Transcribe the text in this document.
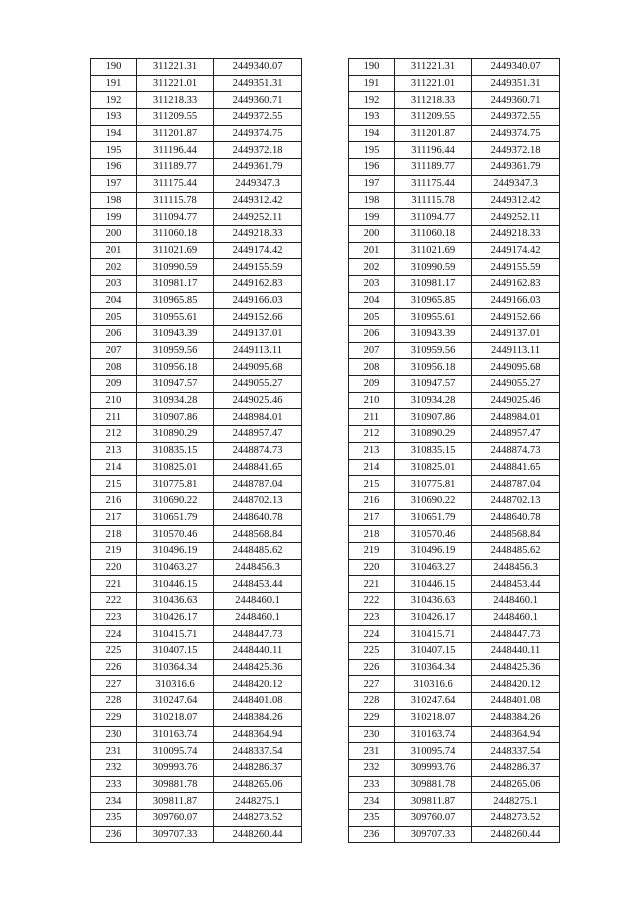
190	311221.31	2449340.07
191	311221.01	2449351.31
192	311218.33	2449360.71
193	311209.55	2449372.55
194	311201.87	2449374.75
195	311196.44	2449372.18
196	311189.77	2449361.79
197	311175.44	2449347.3
198	311115.78	2449312.42
199	311094.77	2449252.11
200	311060.18	2449218.33
201	311021.69	2449174.42
202	310990.59	2449155.59
203	310981.17	2449162.83
204	310965.85	2449166.03
205	310955.61	2449152.66
206	310943.39	2449137.01
207	310959.56	2449113.11
208	310956.18	2449095.68
209	310947.57	2449055.27
210	310934.28	2449025.46
211	310907.86	2448984.01
212	310890.29	2448957.47
213	310835.15	2448874.73
214	310825.01	2448841.65
215	310775.81	2448787.04
216	310690.22	2448702.13
217	310651.79	2448640.78
218	310570.46	2448568.84
219	310496.19	2448485.62
220	310463.27	2448456.3
221	310446.15	2448453.44
222	310436.63	2448460.1
223	310426.17	2448460.1
224	310415.71	2448447.73
225	310407.15	2448440.11
226	310364.34	2448425.36
227	310316.6	2448420.12
228	310247.64	2448401.08
229	310218.07	2448384.26
230	310163.74	2448364.94
231	310095.74	2448337.54
232	309993.76	2448286.37
233	309881.78	2448265.06
234	309811.87	2448275.1
235	309760.07	2448273.52
236	309707.33	2448260.44
190	311221.31	2449340.07
191	311221.01	2449351.31
192	311218.33	2449360.71
193	311209.55	2449372.55
194	311201.87	2449374.75
195	311196.44	2449372.18
196	311189.77	2449361.79
197	311175.44	2449347.3
198	311115.78	2449312.42
199	311094.77	2449252.11
200	311060.18	2449218.33
201	311021.69	2449174.42
202	310990.59	2449155.59
203	310981.17	2449162.83
204	310965.85	2449166.03
205	310955.61	2449152.66
206	310943.39	2449137.01
207	310959.56	2449113.11
208	310956.18	2449095.68
209	310947.57	2449055.27
210	310934.28	2449025.46
211	310907.86	2448984.01
212	310890.29	2448957.47
213	310835.15	2448874.73
214	310825.01	2448841.65
215	310775.81	2448787.04
216	310690.22	2448702.13
217	310651.79	2448640.78
218	310570.46	2448568.84
219	310496.19	2448485.62
220	310463.27	2448456.3
221	310446.15	2448453.44
222	310436.63	2448460.1
223	310426.17	2448460.1
224	310415.71	2448447.73
225	310407.15	2448440.11
226	310364.34	2448425.36
227	310316.6	2448420.12
228	310247.64	2448401.08
229	310218.07	2448384.26
230	310163.74	2448364.94
231	310095.74	2448337.54
232	309993.76	2448286.37
233	309881.78	2448265.06
234	309811.87	2448275.1
235	309760.07	2448273.52
236	309707.33	2448260.44
